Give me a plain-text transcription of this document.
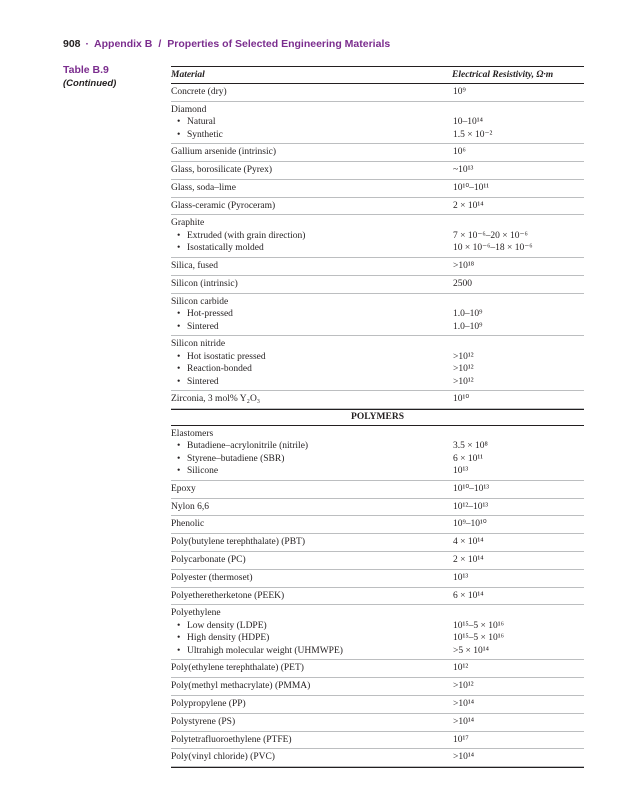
908 · Appendix B / Properties of Selected Engineering Materials
Table B.9
(Continued)
Material	Electrical Resistivity, Ω·m
Concrete (dry)	10⁹
Diamond
• Natural	10–10¹⁴
• Synthetic	1.5 × 10⁻²
Gallium arsenide (intrinsic)	10⁶
Glass, borosilicate (Pyrex)	~10¹³
Glass, soda–lime	10¹⁰–10¹¹
Glass-ceramic (Pyroceram)	2 × 10¹⁴
Graphite
• Extruded (with grain direction)	7 × 10⁻⁶–20 × 10⁻⁶
• Isostatically molded	10 × 10⁻⁶–18 × 10⁻⁶
Silica, fused	>10¹⁸
Silicon (intrinsic)	2500
Silicon carbide
• Hot-pressed	1.0–10⁹
• Sintered	1.0–10⁹
Silicon nitride
• Hot isostatic pressed	>10¹²
• Reaction-bonded	>10¹²
• Sintered	>10¹²
Zirconia, 3 mol% Y₂O₃	10¹⁰
POLYMERS
Elastomers
• Butadiene–acrylonitrile (nitrile)	3.5 × 10⁸
• Styrene–butadiene (SBR)	6 × 10¹¹
• Silicone	10¹³
Epoxy	10¹⁰–10¹³
Nylon 6,6	10¹²–10¹³
Phenolic	10⁹–10¹⁰
Poly(butylene terephthalate) (PBT)	4 × 10¹⁴
Polycarbonate (PC)	2 × 10¹⁴
Polyester (thermoset)	10¹³
Polyetheretherketone (PEEK)	6 × 10¹⁴
Polyethylene
• Low density (LDPE)	10¹⁵–5 × 10¹⁶
• High density (HDPE)	10¹⁵–5 × 10¹⁶
• Ultrahigh molecular weight (UHMWPE)	>5 × 10¹⁴
Poly(ethylene terephthalate) (PET)	10¹²
Poly(methyl methacrylate) (PMMA)	>10¹²
Polypropylene (PP)	>10¹⁴
Polystyrene (PS)	>10¹⁴
Polytetrafluoroethylene (PTFE)	10¹⁷
Poly(vinyl chloride) (PVC)	>10¹⁴
